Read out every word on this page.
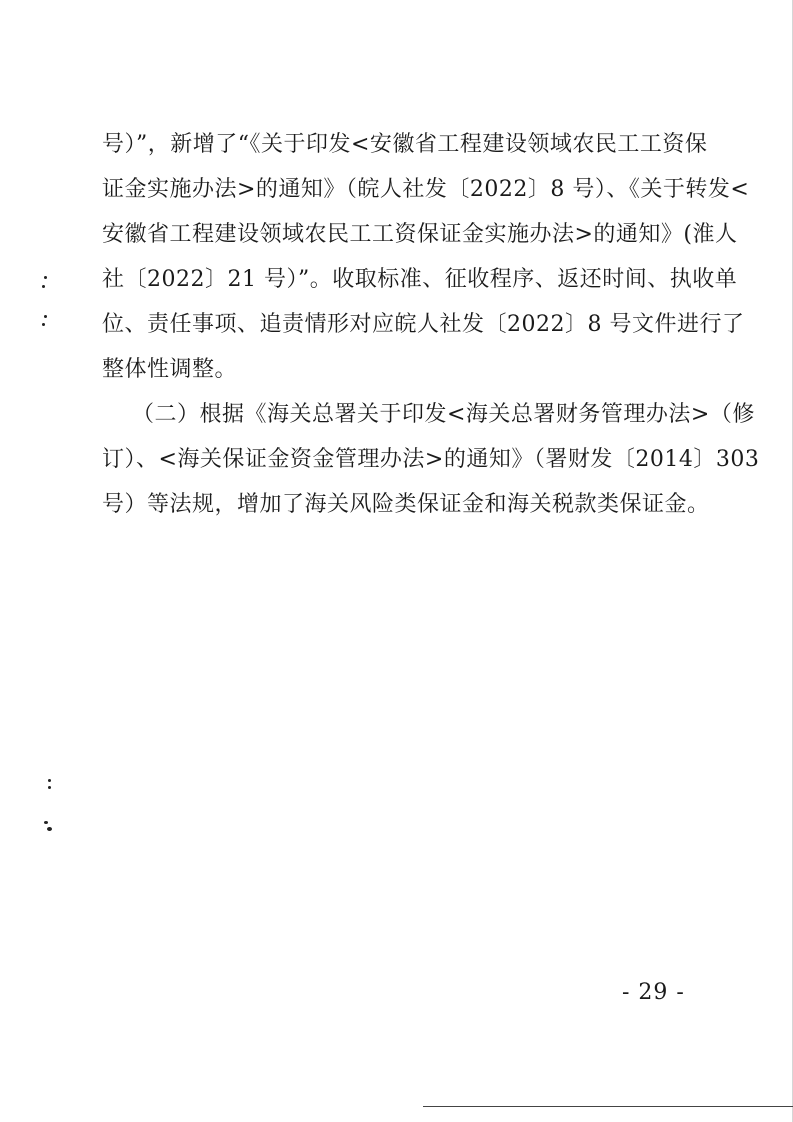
号）”，新增了“《关于印发<安徽省工程建设领域农民工工资保
证金实施办法>的通知》（皖人社发〔2022〕8 号）、《关于转发<
安徽省工程建设领域农民工工资保证金实施办法>的通知》(淮人
社〔2022〕21 号）”。收取标准、征收程序、返还时间、执收单
位、责任事项、追责情形对应皖人社发〔2022〕8 号文件进行了
整体性调整。
（二）根据《海关总署关于印发<海关总署财务管理办法>（修
订）、<海关保证金资金管理办法>的通知》（署财发〔2014〕303
号）等法规，增加了海关风险类保证金和海关税款类保证金。
- 29 -
